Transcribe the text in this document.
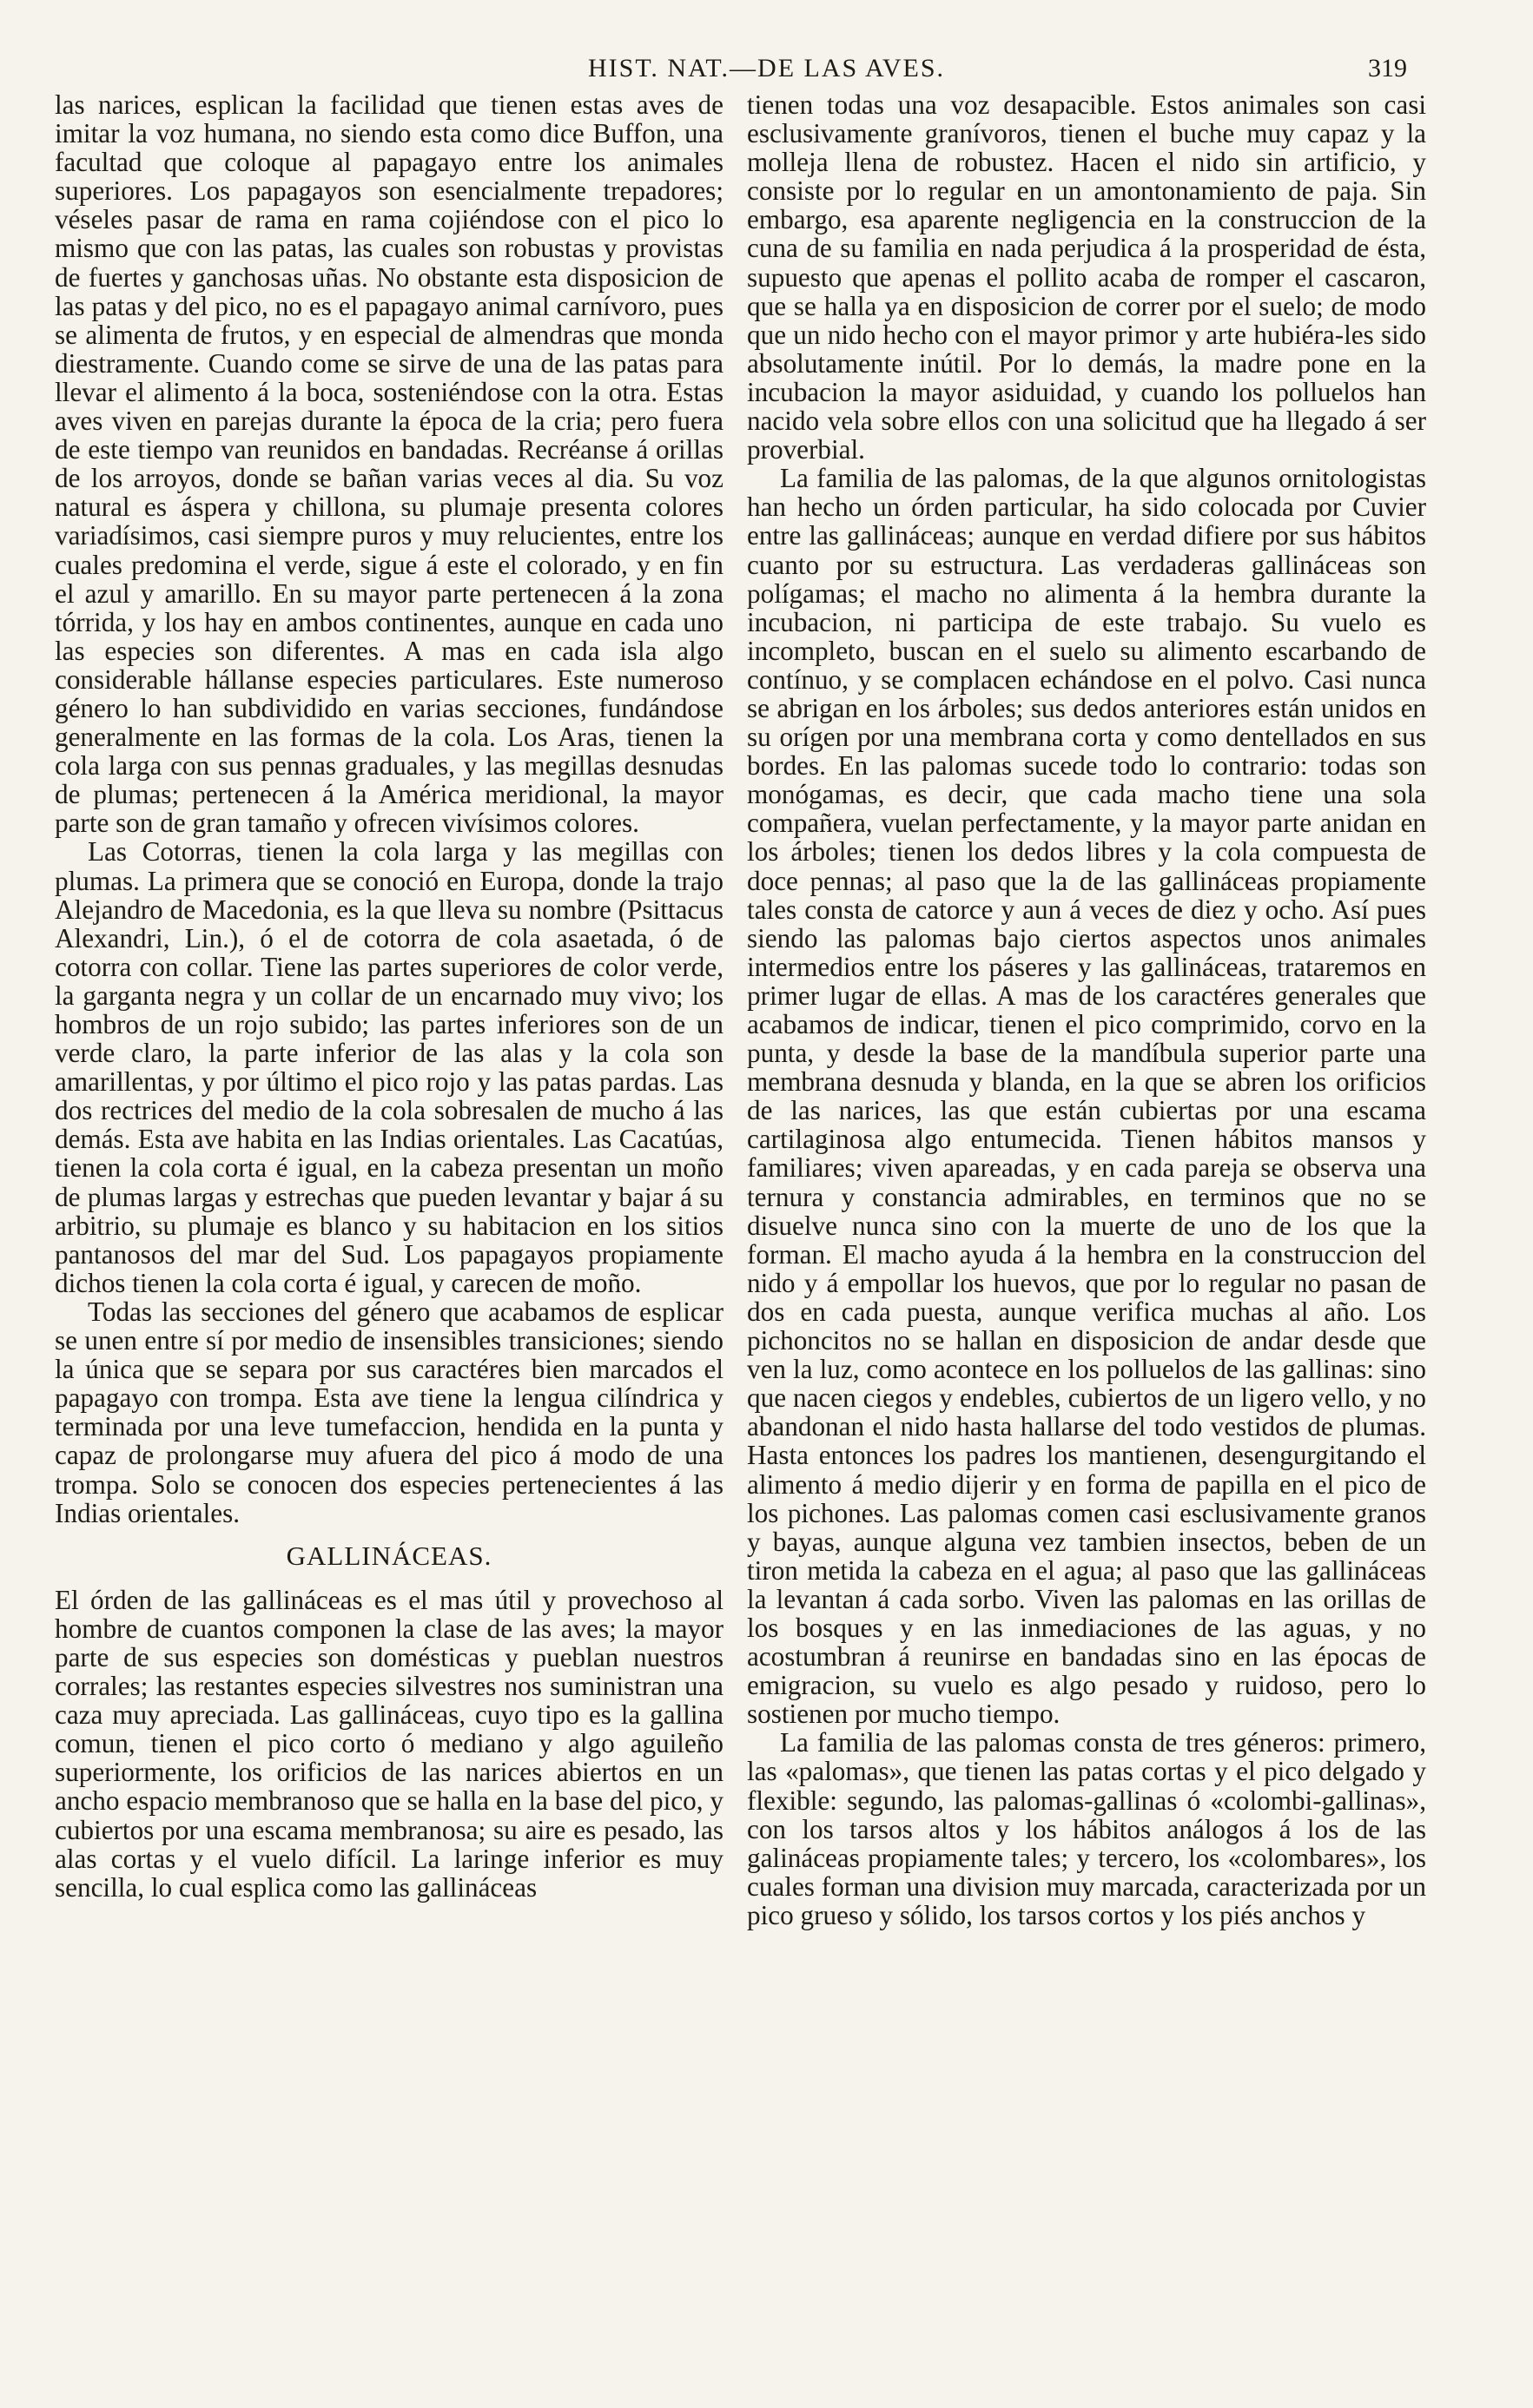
HIST. NAT.—DE LAS AVES.	319

las narices, esplican la facilidad que tienen estas aves de imitar la voz humana, no siendo esta como dice Buffon, una facultad que coloque al papagayo entre los animales superiores. Los papagayos son esencialmente trepadores; véseles pasar de rama en rama cojiéndose con el pico lo mismo que con las patas, las cuales son robustas y provistas de fuertes y ganchosas uñas. No obstante esta disposicion de las patas y del pico, no es el papagayo animal carnívoro, pues se alimenta de frutos, y en especial de almendras que monda diestramente. Cuando come se sirve de una de las patas para llevar el alimento á la boca, sosteniéndose con la otra. Estas aves viven en parejas durante la época de la cria; pero fuera de este tiempo van reunidos en bandadas. Recréanse á orillas de los arroyos, donde se bañan varias veces al dia. Su voz natural es áspera y chillona, su plumaje presenta colores variadísimos, casi siempre puros y muy relucientes, entre los cuales predomina el verde, sigue á este el colorado, y en fin el azul y amarillo. En su mayor parte pertenecen á la zona tórrida, y los hay en ambos continentes, aunque en cada uno las especies son diferentes. A mas en cada isla algo considerable hállanse especies particulares. Este numeroso género lo han subdividido en varias secciones, fundándose generalmente en las formas de la cola. Los Aras, tienen la cola larga con sus pennas graduales, y las megillas desnudas de plumas; pertenecen á la América meridional, la mayor parte son de gran tamaño y ofrecen vivísimos colores.

Las Cotorras, tienen la cola larga y las megillas con plumas. La primera que se conoció en Europa, donde la trajo Alejandro de Macedonia, es la que lleva su nombre (Psittacus Alexandri, Lin.), ó el de cotorra de cola asaetada, ó de cotorra con collar. Tiene las partes superiores de color verde, la garganta negra y un collar de un encarnado muy vivo; los hombros de un rojo subido; las partes inferiores son de un verde claro, la parte inferior de las alas y la cola son amarillentas, y por último el pico rojo y las patas pardas. Las dos rectrices del medio de la cola sobresalen de mucho á las demás. Esta ave habita en las Indias orientales. Las Cacatúas, tienen la cola corta é igual, en la cabeza presentan un moño de plumas largas y estrechas que pueden levantar y bajar á su arbitrio, su plumaje es blanco y su habitacion en los sitios pantanosos del mar del Sud. Los papagayos propiamente dichos tienen la cola corta é igual, y carecen de moño.

Todas las secciones del género que acabamos de esplicar se unen entre sí por medio de insensibles transiciones; siendo la única que se separa por sus caractéres bien marcados el papagayo con trompa. Esta ave tiene la lengua cilíndrica y terminada por una leve tumefaccion, hendida en la punta y capaz de prolongarse muy afuera del pico á modo de una trompa. Solo se conocen dos especies pertenecientes á las Indias orientales.

GALLINÁCEAS.

El órden de las gallináceas es el mas útil y provechoso al hombre de cuantos componen la clase de las aves; la mayor parte de sus especies son domésticas y pueblan nuestros corrales; las restantes especies silvestres nos suministran una caza muy apreciada. Las gallináceas, cuyo tipo es la gallina comun, tienen el pico corto ó mediano y algo aguileño superiormente, los orificios de las narices abiertos en un ancho espacio membranoso que se halla en la base del pico, y cubiertos por una escama membranosa; su aire es pesado, las alas cortas y el vuelo difícil. La laringe inferior es muy sencilla, lo cual esplica como las gallináceas

tienen todas una voz desapacible. Estos animales son casi esclusivamente granívoros, tienen el buche muy capaz y la molleja llena de robustez. Hacen el nido sin artificio, y consiste por lo regular en un amontonamiento de paja. Sin embargo, esa aparente negligencia en la construccion de la cuna de su familia en nada perjudica á la prosperidad de ésta, supuesto que apenas el pollito acaba de romper el cascaron, que se halla ya en disposicion de correr por el suelo; de modo que un nido hecho con el mayor primor y arte hubiéra-les sido absolutamente inútil. Por lo demás, la madre pone en la incubacion la mayor asiduidad, y cuando los polluelos han nacido vela sobre ellos con una solicitud que ha llegado á ser proverbial.

La familia de las palomas, de la que algunos ornitologistas han hecho un órden particular, ha sido colocada por Cuvier entre las gallináceas; aunque en verdad difiere por sus hábitos cuanto por su estructura. Las verdaderas gallináceas son polígamas; el macho no alimenta á la hembra durante la incubacion, ni participa de este trabajo. Su vuelo es incompleto, buscan en el suelo su alimento escarbando de contínuo, y se complacen echándose en el polvo. Casi nunca se abrigan en los árboles; sus dedos anteriores están unidos en su orígen por una membrana corta y como dentellados en sus bordes. En las palomas sucede todo lo contrario: todas son monógamas, es decir, que cada macho tiene una sola compañera, vuelan perfectamente, y la mayor parte anidan en los árboles; tienen los dedos libres y la cola compuesta de doce pennas; al paso que la de las gallináceas propiamente tales consta de catorce y aun á veces de diez y ocho. Así pues siendo las palomas bajo ciertos aspectos unos animales intermedios entre los páseres y las gallináceas, trataremos en primer lugar de ellas. A mas de los caractéres generales que acabamos de indicar, tienen el pico comprimido, corvo en la punta, y desde la base de la mandíbula superior parte una membrana desnuda y blanda, en la que se abren los orificios de las narices, las que están cubiertas por una escama cartilaginosa algo entumecida. Tienen hábitos mansos y familiares; viven apareadas, y en cada pareja se observa una ternura y constancia admirables, en terminos que no se disuelve nunca sino con la muerte de uno de los que la forman. El macho ayuda á la hembra en la construccion del nido y á empollar los huevos, que por lo regular no pasan de dos en cada puesta, aunque verifica muchas al año. Los pichoncitos no se hallan en disposicion de andar desde que ven la luz, como acontece en los polluelos de las gallinas: sino que nacen ciegos y endebles, cubiertos de un ligero vello, y no abandonan el nido hasta hallarse del todo vestidos de plumas. Hasta entonces los padres los mantienen, desengurgitando el alimento á medio dijerir y en forma de papilla en el pico de los pichones. Las palomas comen casi esclusivamente granos y bayas, aunque alguna vez tambien insectos, beben de un tiron metida la cabeza en el agua; al paso que las gallináceas la levantan á cada sorbo. Viven las palomas en las orillas de los bosques y en las inmediaciones de las aguas, y no acostumbran á reunirse en bandadas sino en las épocas de emigracion, su vuelo es algo pesado y ruidoso, pero lo sostienen por mucho tiempo.

La familia de las palomas consta de tres géneros: primero, las «palomas», que tienen las patas cortas y el pico delgado y flexible: segundo, las palomas-gallinas ó «colombi-gallinas», con los tarsos altos y los hábitos análogos á los de las galináceas propiamente tales; y tercero, los «colombares», los cuales forman una division muy marcada, caracterizada por un pico grueso y sólido, los tarsos cortos y los piés anchos y
